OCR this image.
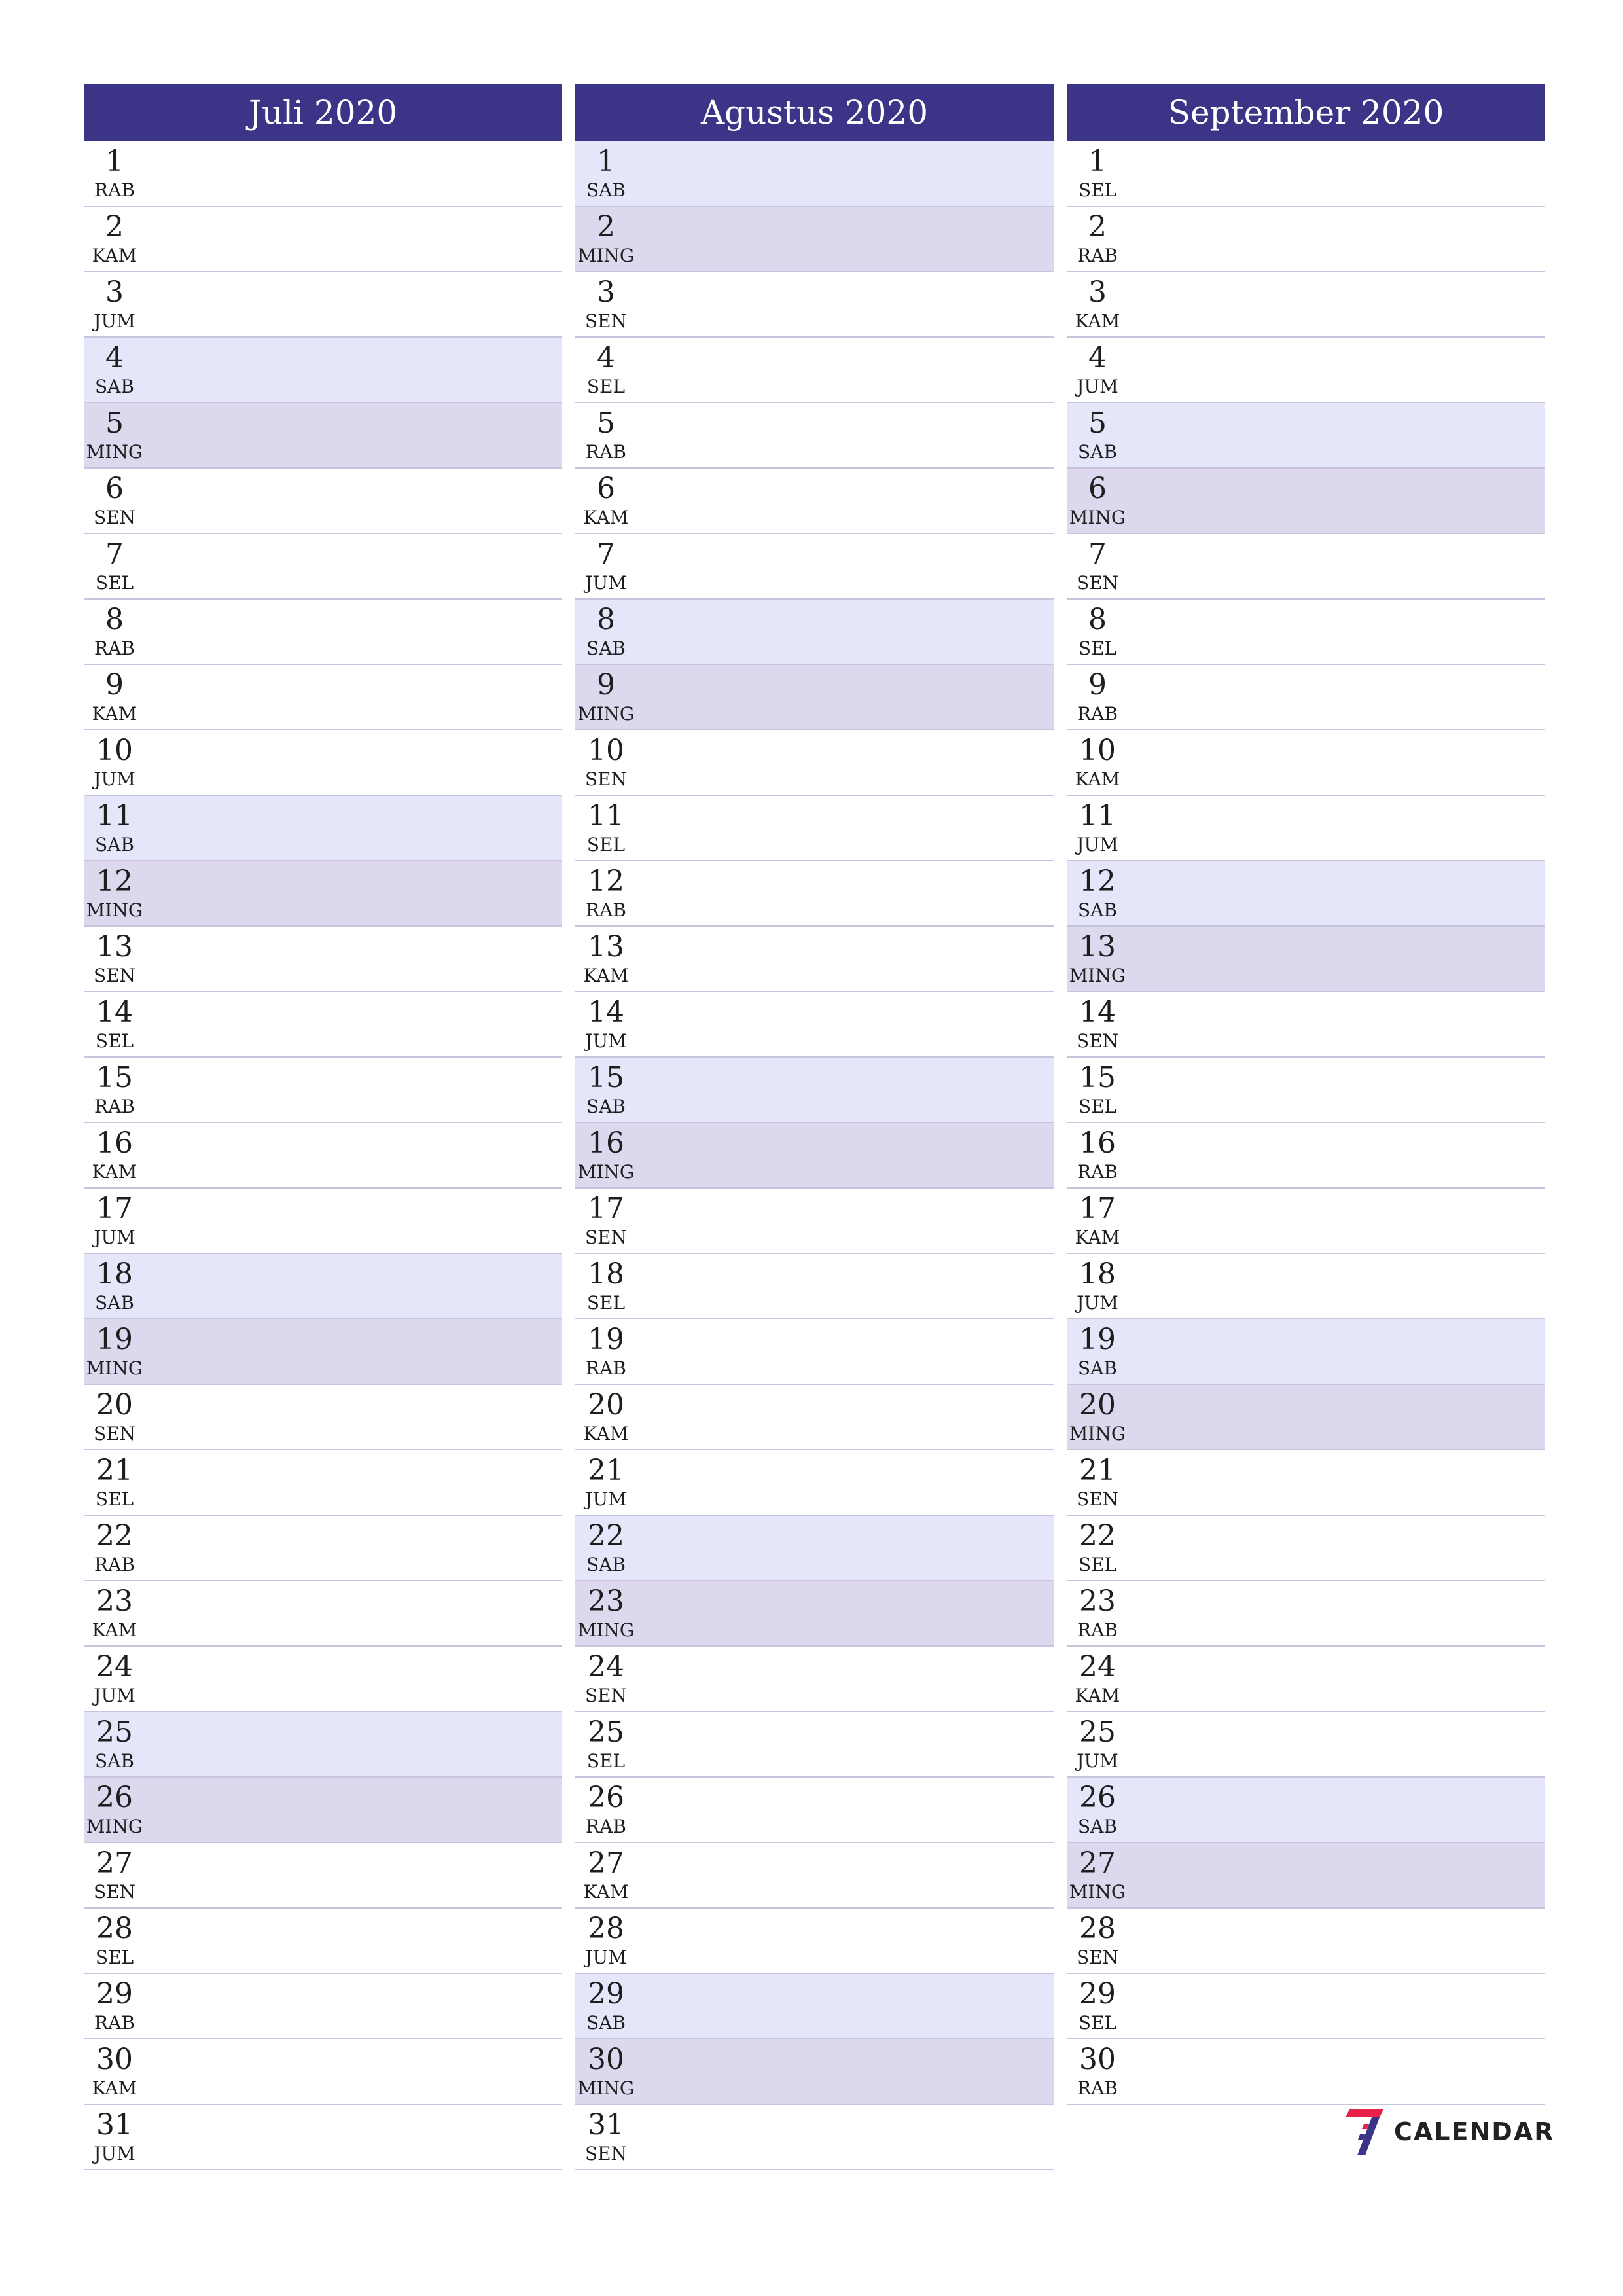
Juli 2020
1
RAB
2
KAM
3
JUM
4
SAB
5
MING
6
SEN
7
SEL
8
RAB
9
KAM
10
JUM
11
SAB
12
MING
13
SEN
14
SEL
15
RAB
16
KAM
17
JUM
18
SAB
19
MING
20
SEN
21
SEL
22
RAB
23
KAM
24
JUM
25
SAB
26
MING
27
SEN
28
SEL
29
RAB
30
KAM
31
JUM
Agustus 2020
1
SAB
2
MING
3
SEN
4
SEL
5
RAB
6
KAM
7
JUM
8
SAB
9
MING
10
SEN
11
SEL
12
RAB
13
KAM
14
JUM
15
SAB
16
MING
17
SEN
18
SEL
19
RAB
20
KAM
21
JUM
22
SAB
23
MING
24
SEN
25
SEL
26
RAB
27
KAM
28
JUM
29
SAB
30
MING
31
SEN
September 2020
1
SEL
2
RAB
3
KAM
4
JUM
5
SAB
6
MING
7
SEN
8
SEL
9
RAB
10
KAM
11
JUM
12
SAB
13
MING
14
SEN
15
SEL
16
RAB
17
KAM
18
JUM
19
SAB
20
MING
21
SEN
22
SEL
23
RAB
24
KAM
25
JUM
26
SAB
27
MING
28
SEN
29
SEL
30
RAB
CALENDAR
